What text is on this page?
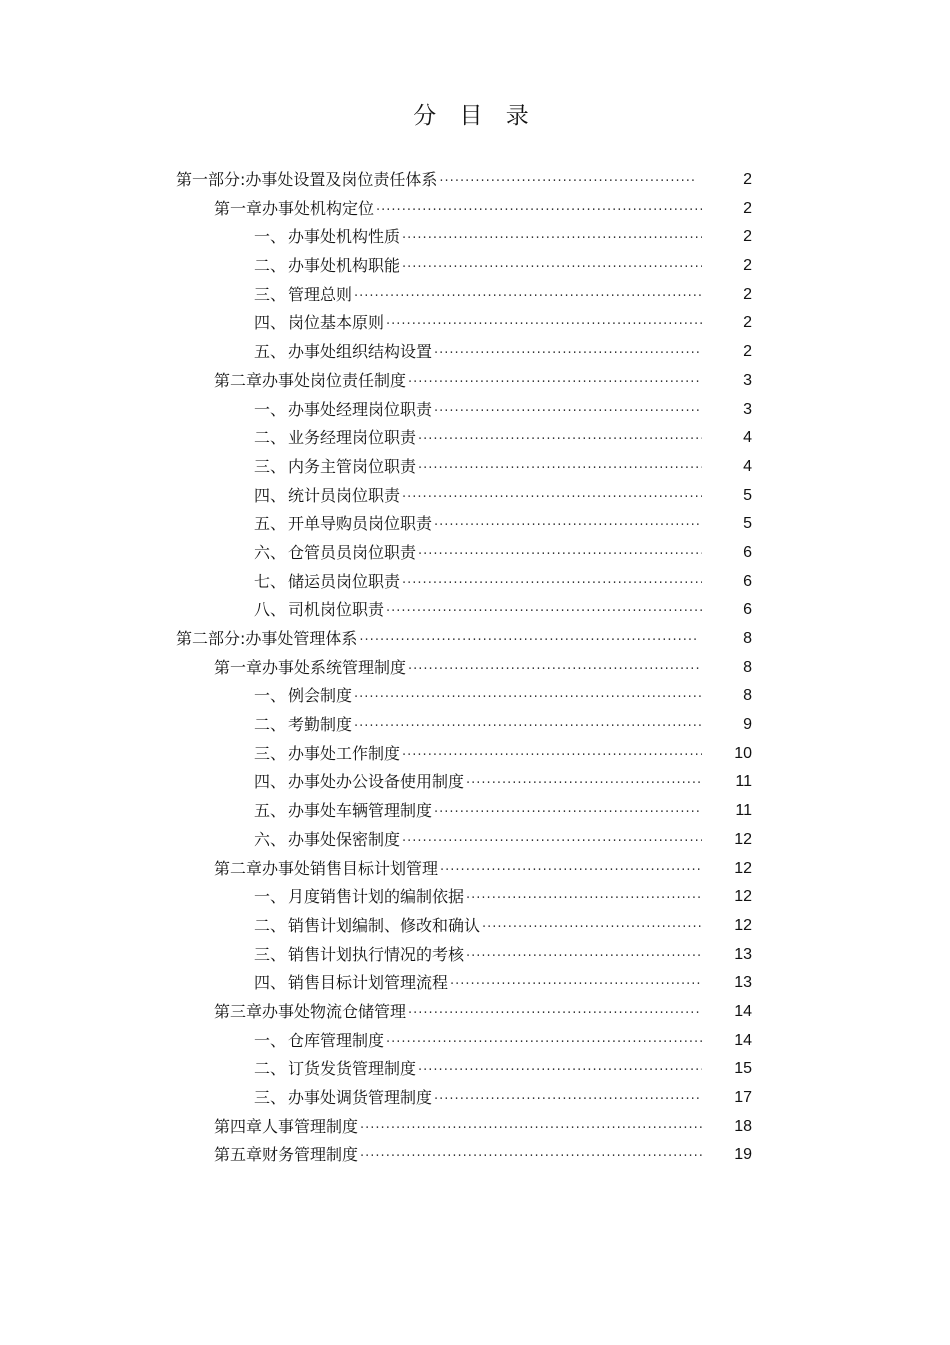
分 目 录
第一部分: 办事处设置及岗位责任体系 ·····	2
第一章 办事处机构定位 ·····	2
一、 办事处机构性质 ·····	2
二、 办事处机构职能 ·····	2
三、 管理总则 ·····	2
四、 岗位基本原则 ·····	2
五、 办事处组织结构设置 ·····	2
第二章 办事处岗位责任制度 ·····	3
一、 办事处经理岗位职责 ·····	3
二、 业务经理岗位职责 ·····	4
三、 内务主管岗位职责 ·····	4
四、 统计员岗位职责 ·····	5
五、 开单导购员岗位职责 ·····	5
六、 仓管员员岗位职责 ·····	6
七、 储运员岗位职责 ·····	6
八、 司机岗位职责 ·····	6
第二部分: 办事处管理体系 ·····	8
第一章 办事处系统管理制度 ·····	8
一、 例会制度 ·····	8
二、 考勤制度 ·····	9
三、 办事处工作制度 ·····	10
四、 办事处办公设备使用制度 ·····	11
五、 办事处车辆管理制度 ·····	11
六、 办事处保密制度 ·····	12
第二章 办事处销售目标计划管理 ·····	12
一、 月度销售计划的编制依据 ·····	12
二、 销售计划编制、修改和确认 ·····	12
三、 销售计划执行情况的考核 ·····	13
四、 销售目标计划管理流程 ·····	13
第三章 办事处物流仓储管理 ·····	14
一、 仓库管理制度 ·····	14
二、 订货发货管理制度 ·····	15
三、 办事处调货管理制度 ·····	17
第四章 人事管理制度 ·····	18
第五章 财务管理制度 ·····	19
